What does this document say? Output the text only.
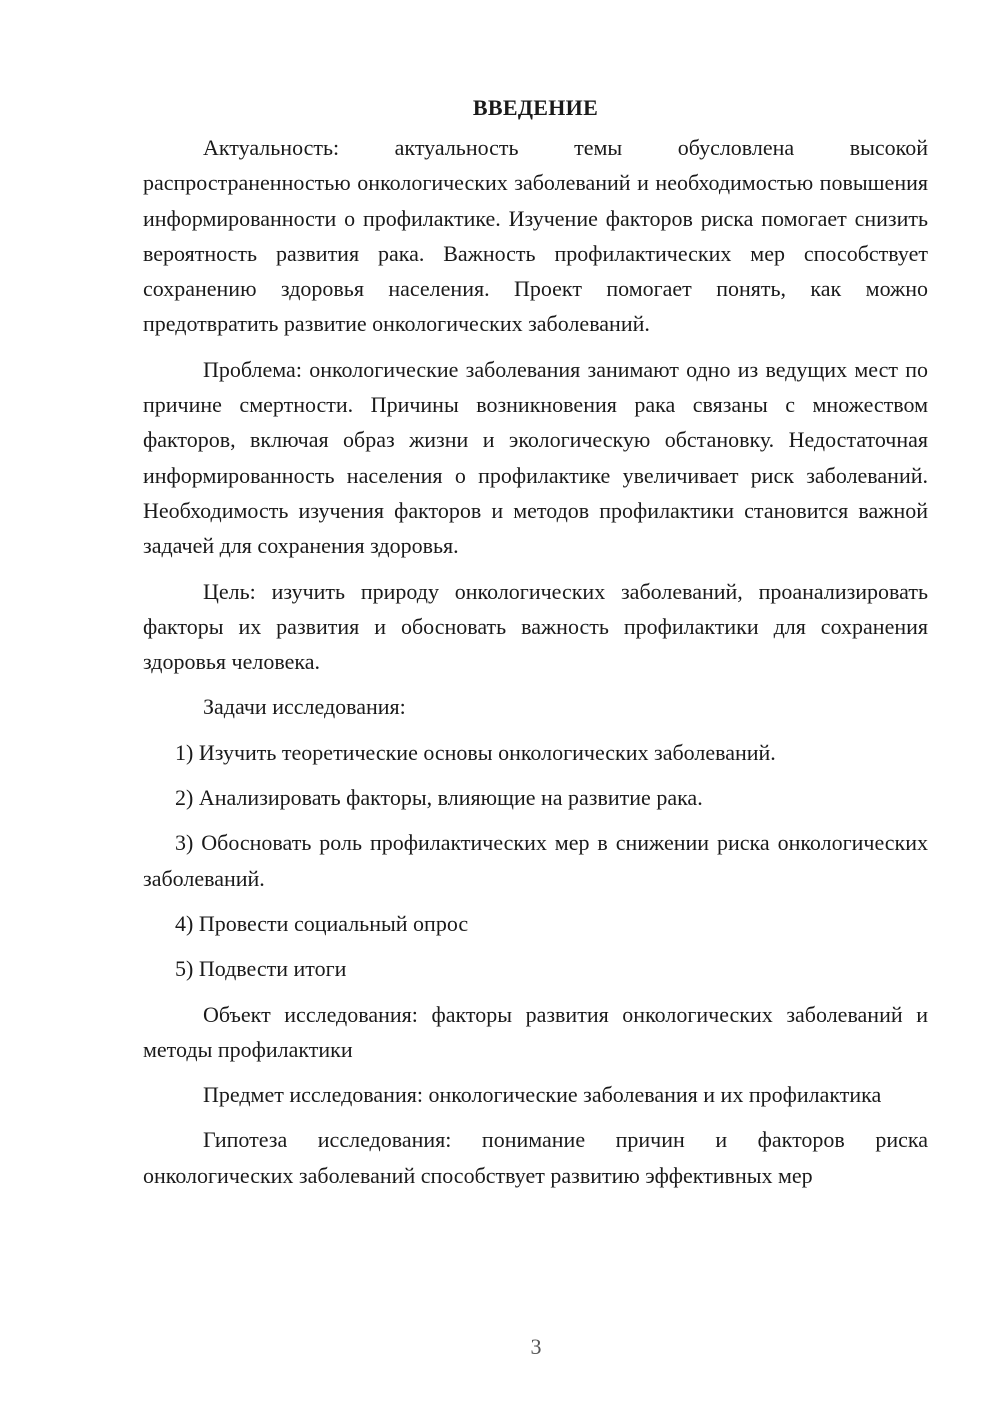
ВВЕДЕНИЕ

Актуальность: актуальность темы обусловлена высокой распространенностью онкологических заболеваний и необходимостью повышения информированности о профилактике. Изучение факторов риска помогает снизить вероятность развития рака. Важность профилактических мер способствует сохранению здоровья населения. Проект помогает понять, как можно предотвратить развитие онкологических заболеваний.

Проблема: онкологические заболевания занимают одно из ведущих мест по причине смертности. Причины возникновения рака связаны с множеством факторов, включая образ жизни и экологическую обстановку. Недостаточная информированность населения о профилактике увеличивает риск заболеваний. Необходимость изучения факторов и методов профилактики становится важной задачей для сохранения здоровья.

Цель: изучить природу онкологических заболеваний, проанализировать факторы их развития и обосновать важность профилактики для сохранения здоровья человека.

Задачи исследования:

1) Изучить теоретические основы онкологических заболеваний.

2) Анализировать факторы, влияющие на развитие рака.

3) Обосновать роль профилактических мер в снижении риска онкологических заболеваний.

4) Провести социальный опрос

5) Подвести итоги

Объект исследования: факторы развития онкологических заболеваний и методы профилактики

Предмет исследования: онкологические заболевания и их профилактика

Гипотеза исследования: понимание причин и факторов риска онкологических заболеваний способствует развитию эффективных мер

3
